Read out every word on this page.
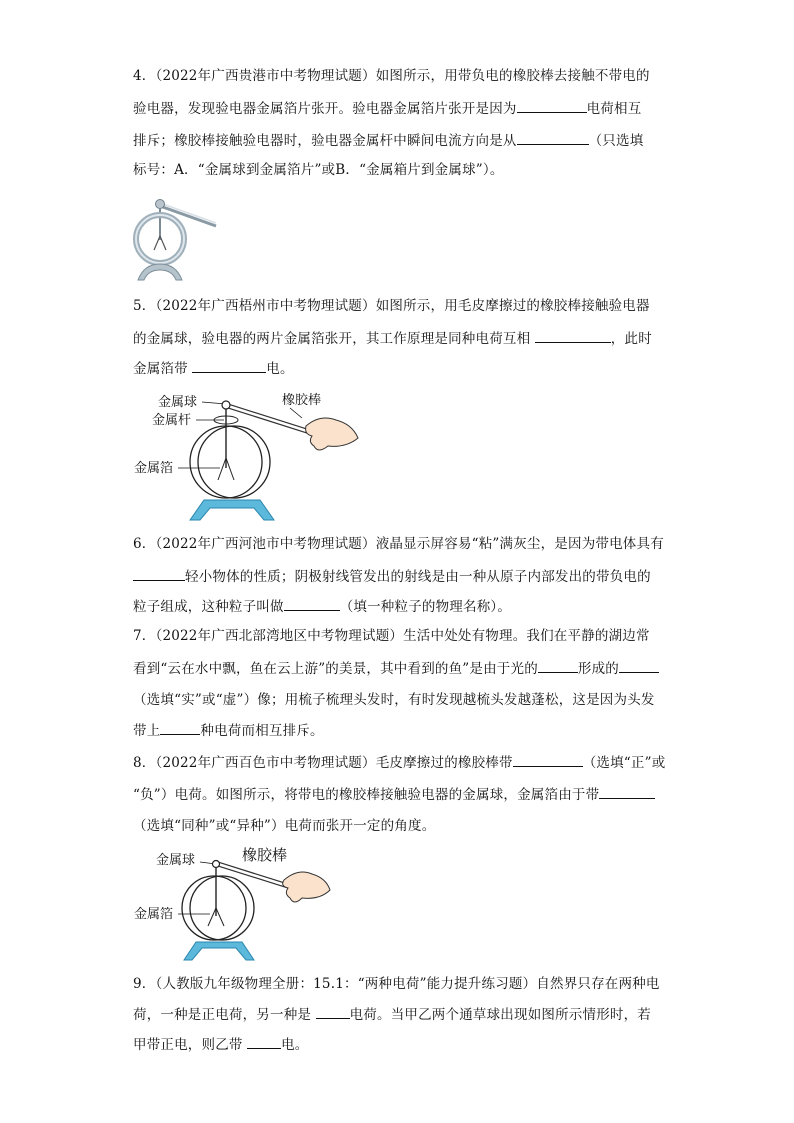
4．（2022年广西贵港市中考物理试题）如图所示，用带负电的橡胶棒去接触不带电的
验电器，发现验电器金属箔片张开。验电器金属箔片张开是因为	电荷相互
排斥；橡胶棒接触验电器时，验电器金属杆中瞬间电流方向是从	（只选填
标号：A．“金属球到金属箔片”或B．“金属箱片到金属球”）。
5．（2022年广西梧州市中考物理试题）如图所示，用毛皮摩擦过的橡胶棒接触验电器
的金属球，验电器的两片金属箔张开，其工作原理是同种电荷互相	，此时
金属箔带	电。
金属球
金属杆
金属箔
橡胶棒
6．（2022年广西河池市中考物理试题）液晶显示屏容易“粘”满灰尘，是因为带电体具有
轻小物体的性质；阴极射线管发出的射线是由一种从原子内部发出的带负电的
粒子组成，这种粒子叫做	（填一种粒子的物理名称）。
7．（2022年广西北部湾地区中考物理试题）生活中处处有物理。我们在平静的湖边常
看到“云在水中飘，鱼在云上游”的美景，其中看到的鱼”是由于光的	形成的
（选填“实”或“虚”）像；用梳子梳理头发时，有时发现越梳头发越蓬松，这是因为头发
带上	种电荷而相互排斥。
8．（2022年广西百色市中考物理试题）毛皮摩擦过的橡胶棒带	（选填“正”或
“负”）电荷。如图所示，将带电的橡胶棒接触验电器的金属球，金属箔由于带
（选填“同种”或“异种”）电荷而张开一定的角度。
金属球
金属箔
橡胶棒
9．（人教版九年级物理全册：15.1：“两种电荷”能力提升练习题）自然界只存在两种电
荷，一种是正电荷，另一种是	电荷。当甲乙两个通草球出现如图所示情形时，若
甲带正电，则乙带	电。
